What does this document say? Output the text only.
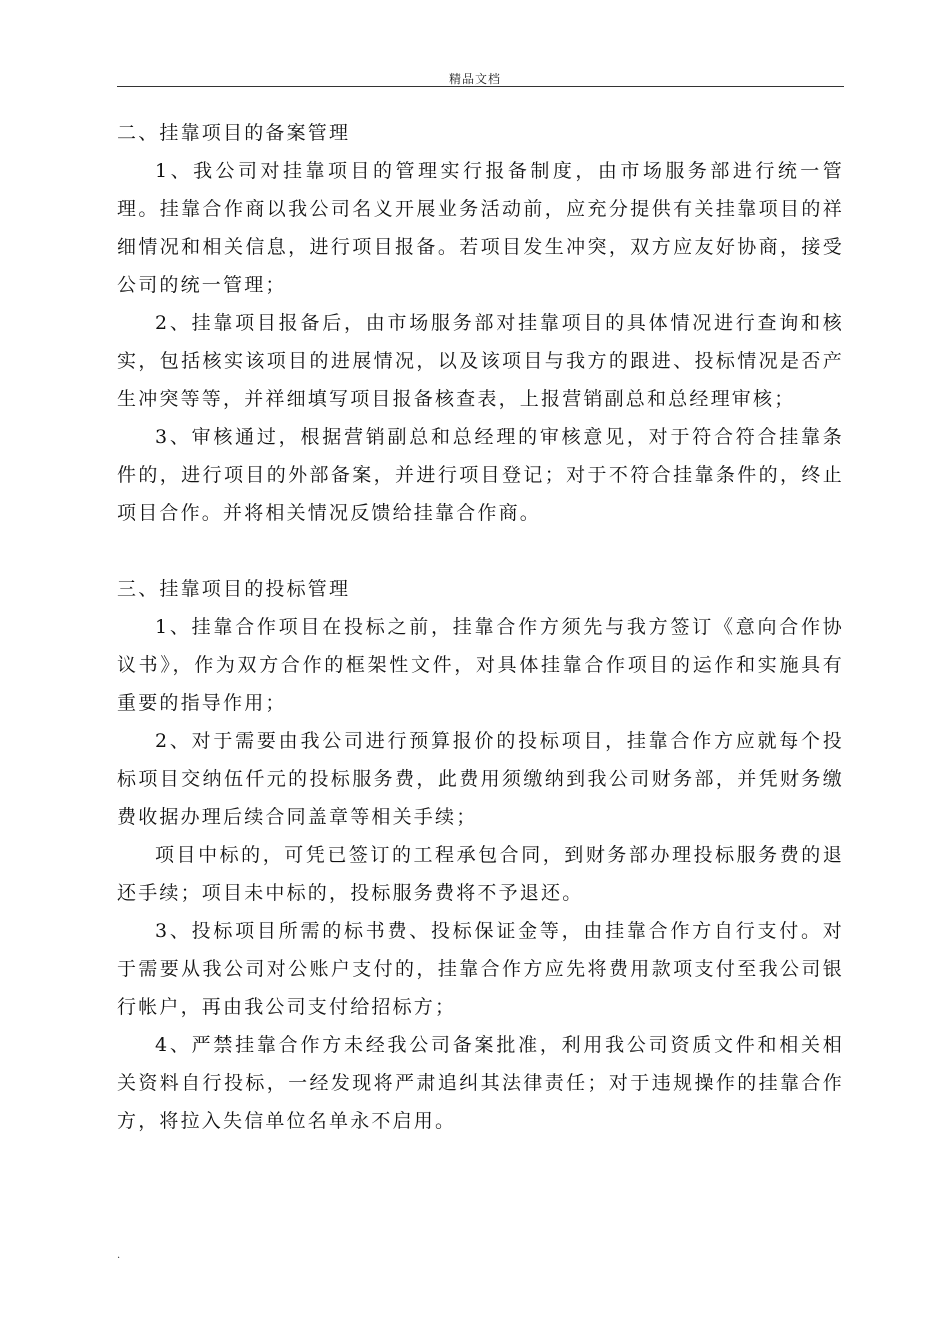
精品文档

二、挂靠项目的备案管理

1、我公司对挂靠项目的管理实行报备制度，由市场服务部进行统一管理。挂靠合作商以我公司名义开展业务活动前，应充分提供有关挂靠项目的祥细情况和相关信息，进行项目报备。若项目发生冲突，双方应友好协商，接受公司的统一管理；

2、挂靠项目报备后，由市场服务部对挂靠项目的具体情况进行查询和核实，包括核实该项目的进展情况，以及该项目与我方的跟进、投标情况是否产生冲突等等，并祥细填写项目报备核查表，上报营销副总和总经理审核；

3、审核通过，根据营销副总和总经理的审核意见，对于符合符合挂靠条件的，进行项目的外部备案，并进行项目登记；对于不符合挂靠条件的，终止项目合作。并将相关情况反馈给挂靠合作商。

三、挂靠项目的投标管理

1、挂靠合作项目在投标之前，挂靠合作方须先与我方签订《意向合作协议书》，作为双方合作的框架性文件，对具体挂靠合作项目的运作和实施具有重要的指导作用；

2、对于需要由我公司进行预算报价的投标项目，挂靠合作方应就每个投标项目交纳伍仟元的投标服务费，此费用须缴纳到我公司财务部，并凭财务缴费收据办理后续合同盖章等相关手续；

项目中标的，可凭已签订的工程承包合同，到财务部办理投标服务费的退还手续；项目未中标的，投标服务费将不予退还。

3、投标项目所需的标书费、投标保证金等，由挂靠合作方自行支付。对于需要从我公司对公账户支付的，挂靠合作方应先将费用款项支付至我公司银行帐户，再由我公司支付给招标方；

4、严禁挂靠合作方未经我公司备案批准，利用我公司资质文件和相关相关资料自行投标，一经发现将严肃追纠其法律责任；对于违规操作的挂靠合作方，将拉入失信单位名单永不启用。

.
